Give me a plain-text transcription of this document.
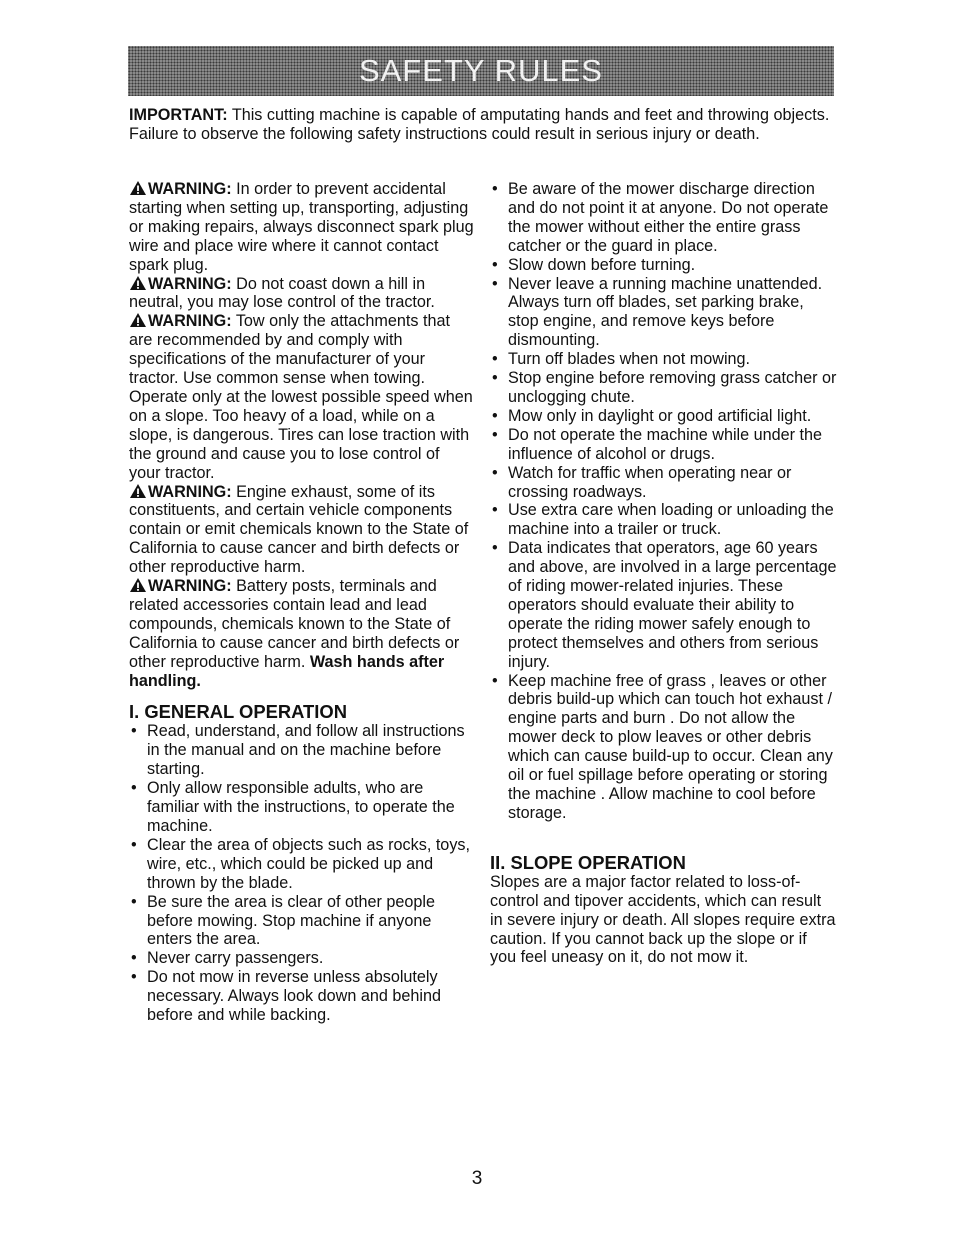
SAFETY RULES

IMPORTANT: This cutting machine is capable of amputating hands and feet and throwing objects. Failure to observe the following safety instructions could result in serious injury or death.

WARNING: In order to prevent accidental starting when setting up, transporting, adjusting or making repairs, always disconnect spark plug wire and place wire where it cannot contact spark plug.

WARNING: Do not coast down a hill in neutral, you may lose control of the tractor.

WARNING: Tow only the attachments that are recommended by and comply with specifications of the manufacturer of your tractor. Use common sense when towing. Operate only at the lowest possible speed when on a slope. Too heavy of a load, while on a slope, is dangerous. Tires can lose traction with the ground and cause you to lose control of your tractor.

WARNING: Engine exhaust, some of its constituents, and certain vehicle components contain or emit chemicals known to the State of California to cause cancer and birth defects or other reproductive harm.

WARNING: Battery posts, terminals and related accessories contain lead and lead compounds, chemicals known to the State of California to cause cancer and birth defects or other reproductive harm. Wash hands after handling.

I. GENERAL OPERATION
• Read, understand, and follow all instructions in the manual and on the machine before starting.
• Only allow responsible adults, who are familiar with the instructions, to operate the machine.
• Clear the area of objects such as rocks, toys, wire, etc., which could be picked up and thrown by the blade.
• Be sure the area is clear of other people before mowing. Stop machine if anyone enters the area.
• Never carry passengers.
• Do not mow in reverse unless absolutely necessary. Always look down and behind before and while backing.
• Be aware of the mower discharge direction and do not point it at anyone. Do not operate the mower without either the entire grass catcher or the guard in place.
• Slow down before turning.
• Never leave a running machine unattended. Always turn off blades, set parking brake, stop engine, and remove keys before dismounting.
• Turn off blades when not mowing.
• Stop engine before removing grass catcher or unclogging chute.
• Mow only in daylight or good artificial light.
• Do not operate the machine while under the influence of alcohol or drugs.
• Watch for traffic when operating near or crossing roadways.
• Use extra care when loading or unloading the machine into a trailer or truck.
• Data indicates that operators, age 60 years and above, are involved in a large percentage of riding mower-related injuries. These operators should evaluate their ability to operate the riding mower safely enough to protect themselves and others from serious injury.
• Keep machine free of grass , leaves or other debris build-up which can touch hot exhaust / engine parts and burn . Do not allow the mower deck to plow leaves or other debris which can cause build-up to occur. Clean any oil or fuel spillage before operating or storing the machine . Allow machine to cool before storage.
II. SLOPE OPERATION

Slopes are a major factor related to loss-of-control and tipover accidents, which can result in severe injury or death. All slopes require extra caution. If you cannot back up the slope or if you feel uneasy on it, do not mow it.

3
